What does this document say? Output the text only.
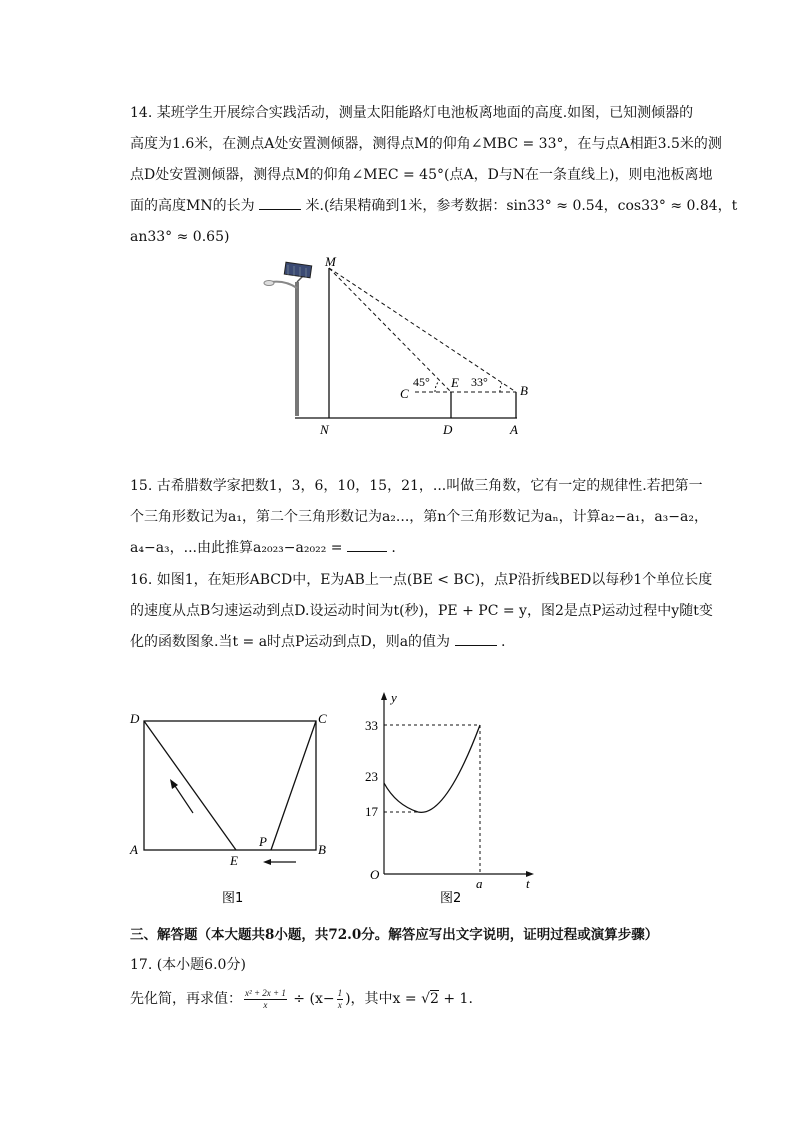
14. 某班学生开展综合实践活动，测量太阳能路灯电池板离地面的高度.如图，已知测倾器的

高度为1.6米，在测点A处安置测倾器，测得点M的仰角∠MBC = 33°，在与点A相距3.5米的测

点D处安置测倾器，测得点M的仰角∠MEC = 45°(点A，D与N在一条直线上)，则电池板离地

面的高度MN的长为	米.(结果精确到1米，参考数据：sin33° ≈ 0.54，cos33° ≈ 0.84，t

an33° ≈ 0.65)

M
N
C
E
B
D	A
45°	33°

15. 古希腊数学家把数1，3，6，10，15，21，...叫做三角数，它有一定的规律性.若把第一

个三角形数记为a₁，第二个三角形数记为a₂...，第n个三角形数记为aₙ，计算a₂−a₁，a₃−a₂，

a₄−a₃，...由此推算a₂₀₂₃−a₂₀₂₂ =	.

16. 如图1，在矩形ABCD中，E为AB上一点(BE < BC)，点P沿折线BED以每秒1个单位长度

的速度从点B匀速运动到点D.设运动时间为t(秒)，PE + PC = y，图2是点P运动过程中y随t变

化的函数图象.当t = a时点P运动到点D，则a的值为	.

D	C
A
E
P
B
图1
y
t
O
33
23
17
a
图2

三、解答题（本大题共8小题，共72.0分。解答应写出文字说明，证明过程或演算步骤）

17. (本小题6.0分)

先化简，再求值： $\frac{\text{x² + 2x + 1}}{x} \div (x- \frac{1}{x}$ )，其中x = √2 + 1.
